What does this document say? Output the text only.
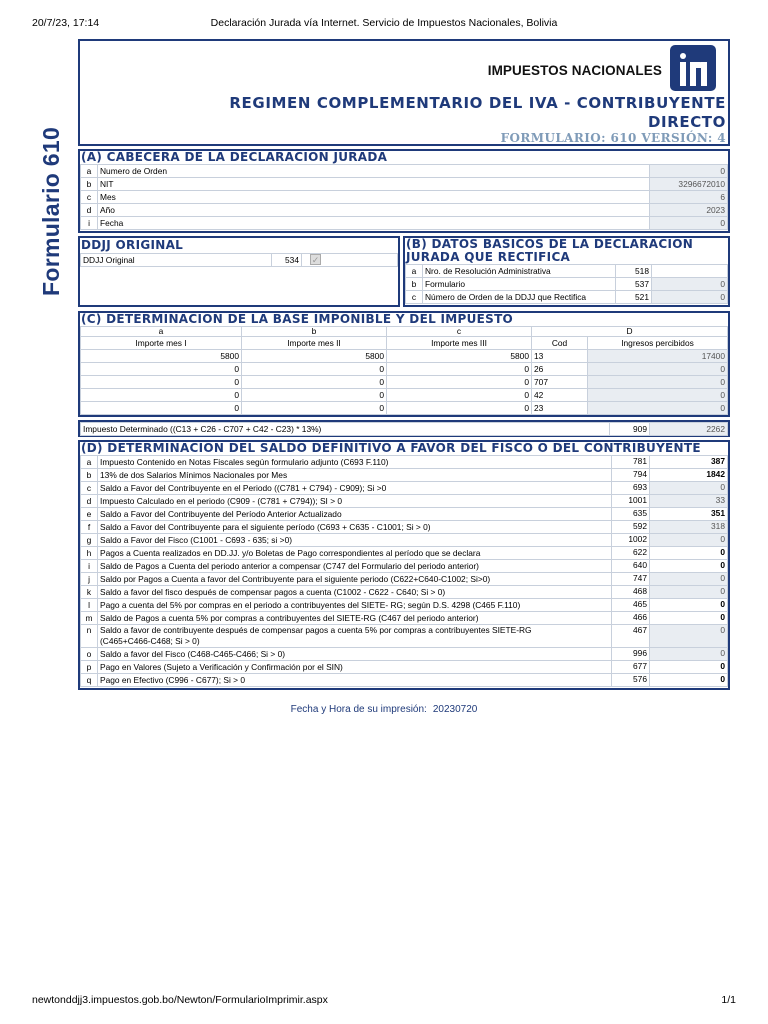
20/7/23, 17:14	Declaración Jurada vía Internet. Servicio de Impuestos Nacionales, Bolivia
Formulario 610
IMPUESTOS NACIONALES
REGIMEN COMPLEMENTARIO DEL IVA - CONTRIBUYENTE
DIRECTO
FORMULARIO: 610 VERSIÓN: 4
(A) CABECERA DE LA DECLARACION JURADA
a	Numero de Orden	0
b	NIT	3296672010
c	Mes	6
d	Año	2023
i	Fecha	0
DDJJ ORIGINAL
DDJJ Original	534	✓
(B) DATOS BASICOS DE LA DECLARACION
JURADA QUE RECTIFICA
a	Nro. de Resolución Administrativa	518	
b	Formulario	537	0
c	Número de Orden de la DDJJ que Rectifica	521	0
(C) DETERMINACION DE LA BASE IMPONIBLE Y DEL IMPUESTO
a	b	c	D	
Importe mes I	Importe mes II	Importe mes III	Cod	Ingresos percibidos
5800	5800	5800	13	17400
0	0	0	26	0
0	0	0	707	0
0	0	0	42	0
0	0	0	23	0
Impuesto Determinado ((C13 + C26 - C707 + C42 - C23) * 13%)	909	2262
(D) DETERMINACION DEL SALDO DEFINITIVO A FAVOR DEL FISCO O DEL CONTRIBUYENTE
a	Impuesto Contenido en Notas Fiscales según formulario adjunto (C693 F.110)	781	387
b	13% de dos Salarios Mínimos Nacionales por Mes	794	1842
c	Saldo a Favor del Contribuyente en el Periodo ((C781 + C794) - C909); Si >0	693	0
d	Impuesto Calculado en el periodo (C909 - (C781 + C794)); SI > 0	1001	33
e	Saldo a Favor del Contribuyente del Período Anterior Actualizado	635	351
f	Saldo a Favor del Contribuyente para el siguiente período (C693 + C635 - C1001; Si > 0)	592	318
g	Saldo a Favor del Fisco (C1001 - C693 - 635; si >0)	1002	0
h	Pagos a Cuenta realizados en DD.JJ. y/o Boletas de Pago correspondientes al período que se declara	622	0
i	Saldo de Pagos a Cuenta del periodo anterior a compensar (C747 del Formulario del periodo anterior)	640	0
j	Saldo por Pagos a Cuenta a favor del Contribuyente para el siguiente periodo (C622+C640-C1002; Si>0)	747	0
k	Saldo a favor del fisco después de compensar pagos a cuenta (C1002 - C622 - C640; Si > 0)	468	0
l	Pago a cuenta del 5% por compras en el periodo a contribuyentes del SIETE- RG; según D.S. 4298 (C465 F.110)	465	0
m	Saldo de Pagos a cuenta 5% por compras a contribuyentes del SIETE-RG (C467 del periodo anterior)	466	0
n	Saldo a favor de contribuyente después de compensar pagos a cuenta 5% por compras a contribuyentes SIETE-RG
(C465+C466-C468; Si > 0)	467	0
o	Saldo a favor del Fisco (C468-C465-C466; Si > 0)	996	0
p	Pago en Valores (Sujeto a Verificación y Confirmación por el SIN)	677	0
q	Pago en Efectivo (C996 - C677); Si > 0	576	0
Fecha y Hora de su impresión: 20230720
newtonddjj3.impuestos.gob.bo/Newton/FormularioImprimir.aspx	1/1
